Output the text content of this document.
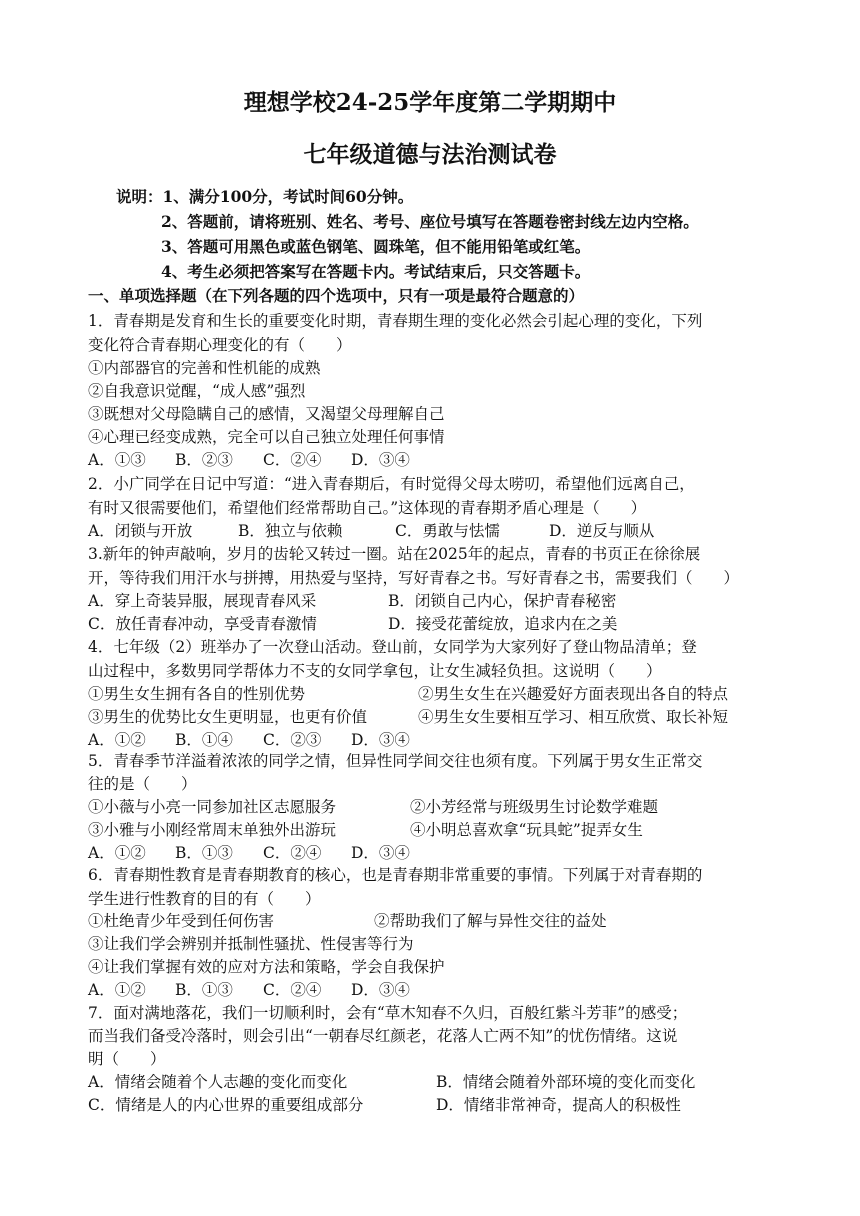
理想学校24-25学年度第二学期期中
七年级道德与法治测试卷
说明：1、满分100分，考试时间60分钟。
2、答题前，请将班别、姓名、考号、座位号填写在答题卷密封线左边内空格。
3、答题可用黑色或蓝色钢笔、圆珠笔，但不能用铅笔或红笔。
4、考生必须把答案写在答题卡内。考试结束后，只交答题卡。
一、单项选择题（在下列各题的四个选项中，只有一项是最符合题意的）
1．青春期是发育和生长的重要变化时期，青春期生理的变化必然会引起心理的变化，下列
变化符合青春期心理变化的有（　　）
①内部器官的完善和性机能的成熟
②自我意识觉醒，“成人感”强烈
③既想对父母隐瞒自己的感情，又渴望父母理解自己
④心理已经变成熟，完全可以自己独立处理任何事情
A．①③ B．②③ C．②④ D．③④
2．小广同学在日记中写道：“进入青春期后，有时觉得父母太唠叨，希望他们远离自己，
有时又很需要他们，希望他们经常帮助自己。”这体现的青春期矛盾心理是（　　）
A．闭锁与开放	B．独立与依赖	C．勇敢与怯懦	D．逆反与顺从
3.新年的钟声敲响，岁月的齿轮又转过一圈。站在2025年的起点，青春的书页正在徐徐展
开，等待我们用汗水与拼搏，用热爱与坚持，写好青春之书。写好青春之书，需要我们（　　）
A．穿上奇装异服，展现青春风采	B．闭锁自己内心，保护青春秘密
C．放任青春冲动，享受青春激情	D．接受花蕾绽放，追求内在之美
4．七年级（2）班举办了一次登山活动。登山前，女同学为大家列好了登山物品清单；登
山过程中，多数男同学帮体力不支的女同学拿包，让女生减轻负担。这说明（　　）
①男生女生拥有各自的性别优势	②男生女生在兴趣爱好方面表现出各自的特点
③男生的优势比女生更明显，也更有价值	④男生女生要相互学习、相互欣赏、取长补短
A．①② B．①④ C．②③ D．③④
5．青春季节洋溢着浓浓的同学之情，但异性同学间交往也须有度。下列属于男女生正常交
往的是（　　）
①小薇与小亮一同参加社区志愿服务	②小芳经常与班级男生讨论数学难题
③小雅与小刚经常周末单独外出游玩	④小明总喜欢拿“玩具蛇”捉弄女生
A．①② B．①③ C．②④ D．③④
6．青春期性教育是青春期教育的核心，也是青春期非常重要的事情。下列属于对青春期的
学生进行性教育的目的有（　　）
①杜绝青少年受到任何伤害	②帮助我们了解与异性交往的益处
③让我们学会辨别并抵制性骚扰、性侵害等行为
④让我们掌握有效的应对方法和策略，学会自我保护
A．①② B．①③ C．②④ D．③④
7．面对满地落花，我们一切顺利时，会有“草木知春不久归，百般红紫斗芳菲”的感受；
而当我们备受冷落时，则会引出“一朝春尽红颜老，花落人亡两不知”的忧伤情绪。这说
明（　　）
A．情绪会随着个人志趣的变化而变化	B．情绪会随着外部环境的变化而变化
C．情绪是人的内心世界的重要组成部分	D．情绪非常神奇，提高人的积极性
